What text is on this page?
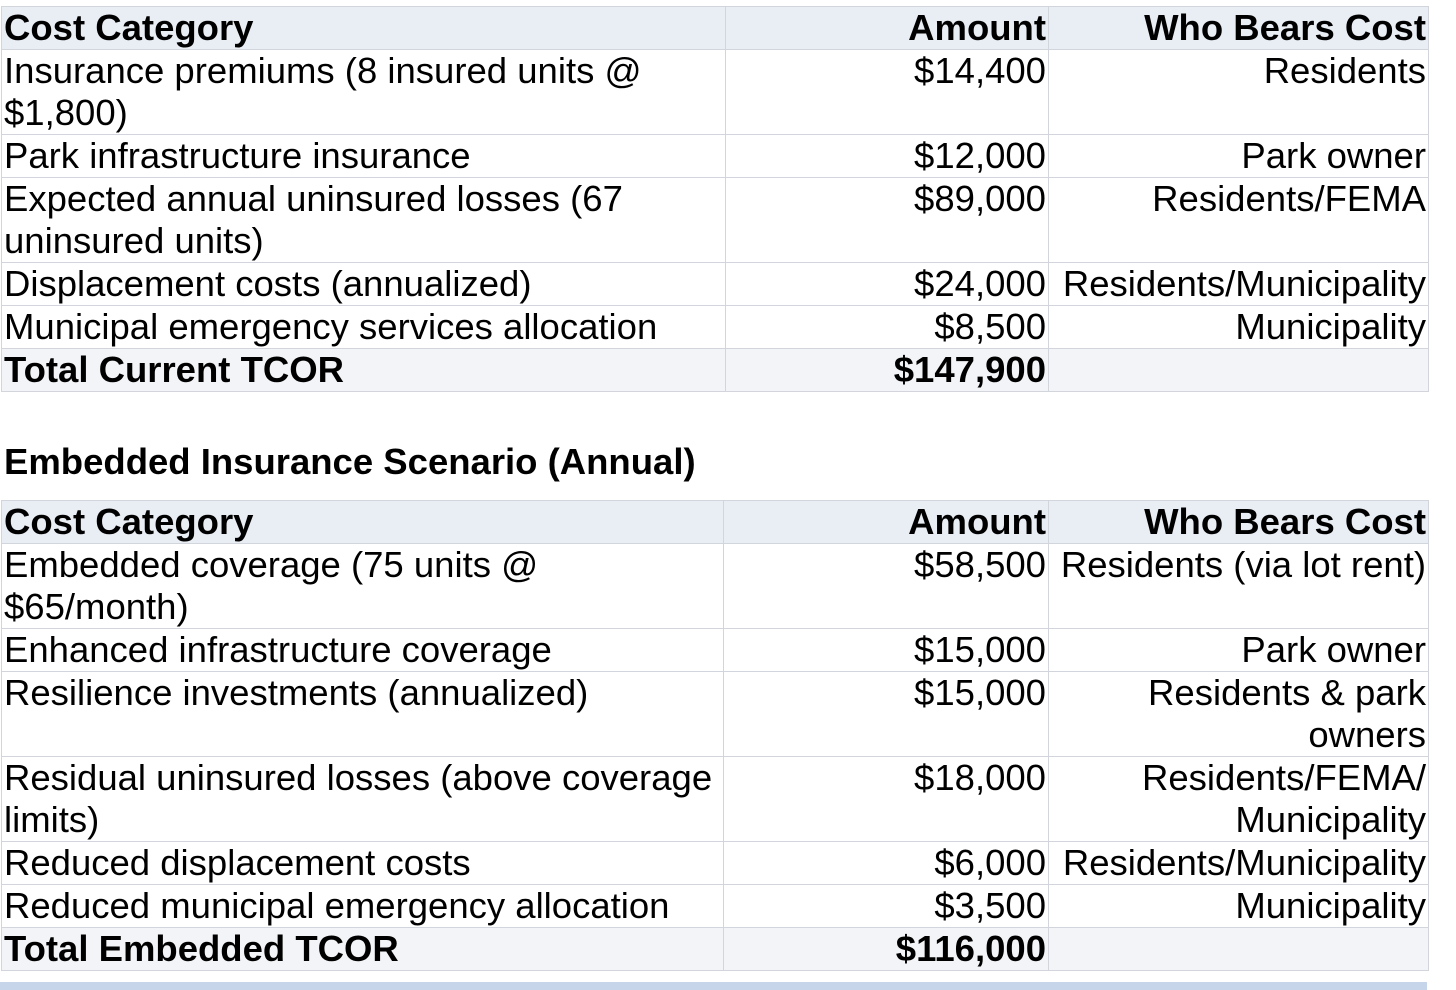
Cost Category	Amount	Who Bears Cost
Insurance premiums (8 insured units @ $1,800)	$14,400	Residents
Park infrastructure insurance	$12,000	Park owner
Expected annual uninsured losses (67 uninsured units)	$89,000	Residents/FEMA
Displacement costs (annualized)	$24,000	Residents/Municipality
Municipal emergency services allocation	$8,500	Municipality
Total Current TCOR	$147,900	
Embedded Insurance Scenario (Annual)
Cost Category	Amount	Who Bears Cost
Embedded coverage (75 units @ $65/month)	$58,500	Residents (via lot rent)
Enhanced infrastructure coverage	$15,000	Park owner
Resilience investments (annualized)	$15,000	Residents & park owners
Residual uninsured losses (above coverage limits)	$18,000	Residents/FEMA/ Municipality
Reduced displacement costs	$6,000	Residents/Municipality
Reduced municipal emergency allocation	$3,500	Municipality
Total Embedded TCOR	$116,000	
